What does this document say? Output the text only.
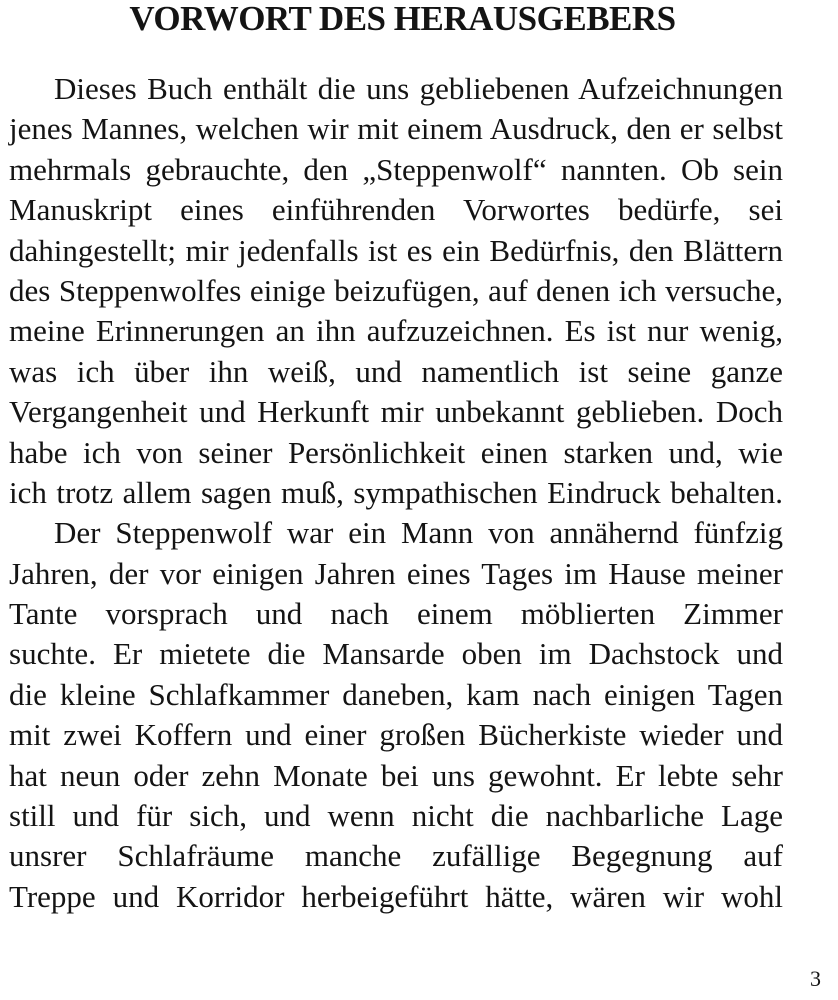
VORWORT DES HERAUSGEBERS
Dieses Buch enthält die uns gebliebenen Aufzeichnungen
jenes Mannes, welchen wir mit einem Ausdruck, den er selbst
mehrmals gebrauchte, den „Steppenwolf“ nannten. Ob sein
Manuskript eines einführenden Vorwortes bedürfe, sei
dahingestellt; mir jedenfalls ist es ein Bedürfnis, den Blättern
des Steppenwolfes einige beizufügen, auf denen ich versuche,
meine Erinnerungen an ihn aufzuzeichnen. Es ist nur wenig,
was ich über ihn weiß, und namentlich ist seine ganze
Vergangenheit und Herkunft mir unbekannt geblieben. Doch
habe ich von seiner Persönlichkeit einen starken und, wie
ich trotz allem sagen muß, sympathischen Eindruck behalten.
Der Steppenwolf war ein Mann von annähernd fünfzig
Jahren, der vor einigen Jahren eines Tages im Hause meiner
Tante vorsprach und nach einem möblierten Zimmer
suchte. Er mietete die Mansarde oben im Dachstock und
die kleine Schlafkammer daneben, kam nach einigen Tagen
mit zwei Koffern und einer großen Bücherkiste wieder und
hat neun oder zehn Monate bei uns gewohnt. Er lebte sehr
still und für sich, und wenn nicht die nachbarliche Lage
unsrer Schlafräume manche zufällige Begegnung auf
Treppe und Korridor herbeigeführt hätte, wären wir wohl
3
